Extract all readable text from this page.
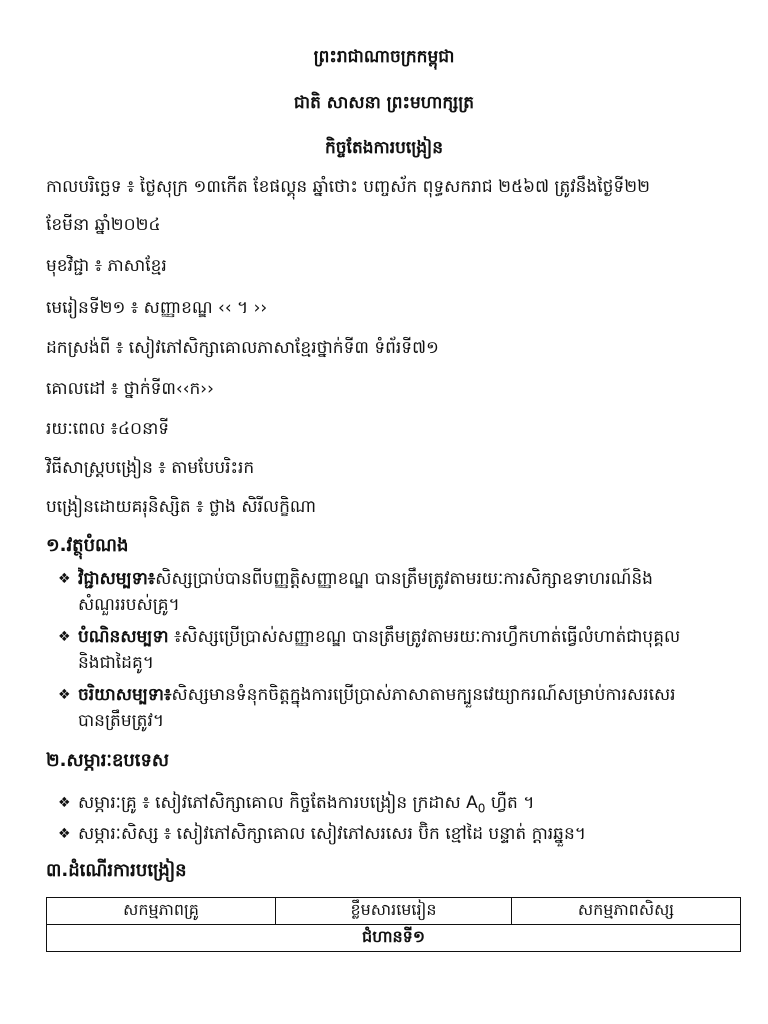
ព្រះរាជាណាចក្រកម្ពុជា
ជាតិ សាសនា ព្រះមហាក្សត្រ
កិច្ចតែងការបង្រៀន
កាលបរិច្ឆេទ ៖ ថ្ងៃសុក្រ ១៣កើត ខែផល្គុន ឆ្នាំថោះ បញ្ចស័ក ពុទ្ធសករាជ ២៥៦៧ ត្រូវនឹងថ្ងៃទី២២
ខែមីនា ឆ្នាំ២០២៤
មុខវិជ្ជា ៖ ភាសាខ្មែរ
មេរៀនទី២១ ៖ សញ្ញាខណ្ឌ ‹‹ ។ ››
ដកស្រង់ពី ៖ សៀវភៅសិក្សាគោលភាសាខ្មែរថ្នាក់ទី៣ ទំព័រទី៧១
គោលដៅ ៖ ថ្នាក់ទី៣‹‹ក››
រយៈពេល ៖៤០នាទី
វិធីសាស្រ្តបង្រៀន ៖ តាមបែបរិះរក
បង្រៀនដោយគរុនិស្សិត ៖ ថ្លាង សិរីលក្ខិណា
១.វត្ថុបំណង
❖ វិជ្ជាសម្បទា៖សិស្សប្រាប់បានពីបញ្ញត្តិសញ្ញាខណ្ឌ បានត្រឹមត្រូវតាមរយៈការសិក្សាឧទាហរណ៍និង
សំណួររបស់គ្រូ។
❖ បំណិនសម្បទា ៖សិស្សប្រើប្រាស់សញ្ញាខណ្ឌ បានត្រឹមត្រូវតាមរយៈការហ្វឹកហាត់ធ្វើលំហាត់ជាបុគ្គល
និងជាដៃគូ។
❖ ចរិយាសម្បទា៖សិស្សមានទំនុកចិត្តក្នុងការប្រើប្រាស់ភាសាតាមក្បួនវេយ្យាករណ៍សម្រាប់ការសរសេរ
បានត្រឹមត្រូវ។
២.សម្ភារៈឧបទេស
❖ សម្ភារៈគ្រូ ៖ សៀវភៅសិក្សាគោល កិច្ចតែងការបង្រៀន ក្រដាស $A_0$ ហ្វឺត ។
❖ សម្ភារៈសិស្ស ៖ សៀវភៅសិក្សាគោល សៀវភៅសរសេរ ប៊ិក ខ្មៅដៃ បន្ទាត់ ក្ដារឆ្នួន។
៣.ដំណើរការបង្រៀន
សកម្មភាពគ្រូ	ខ្លឹមសារមេរៀន	សកម្មភាពសិស្ស
ជំហានទី១
